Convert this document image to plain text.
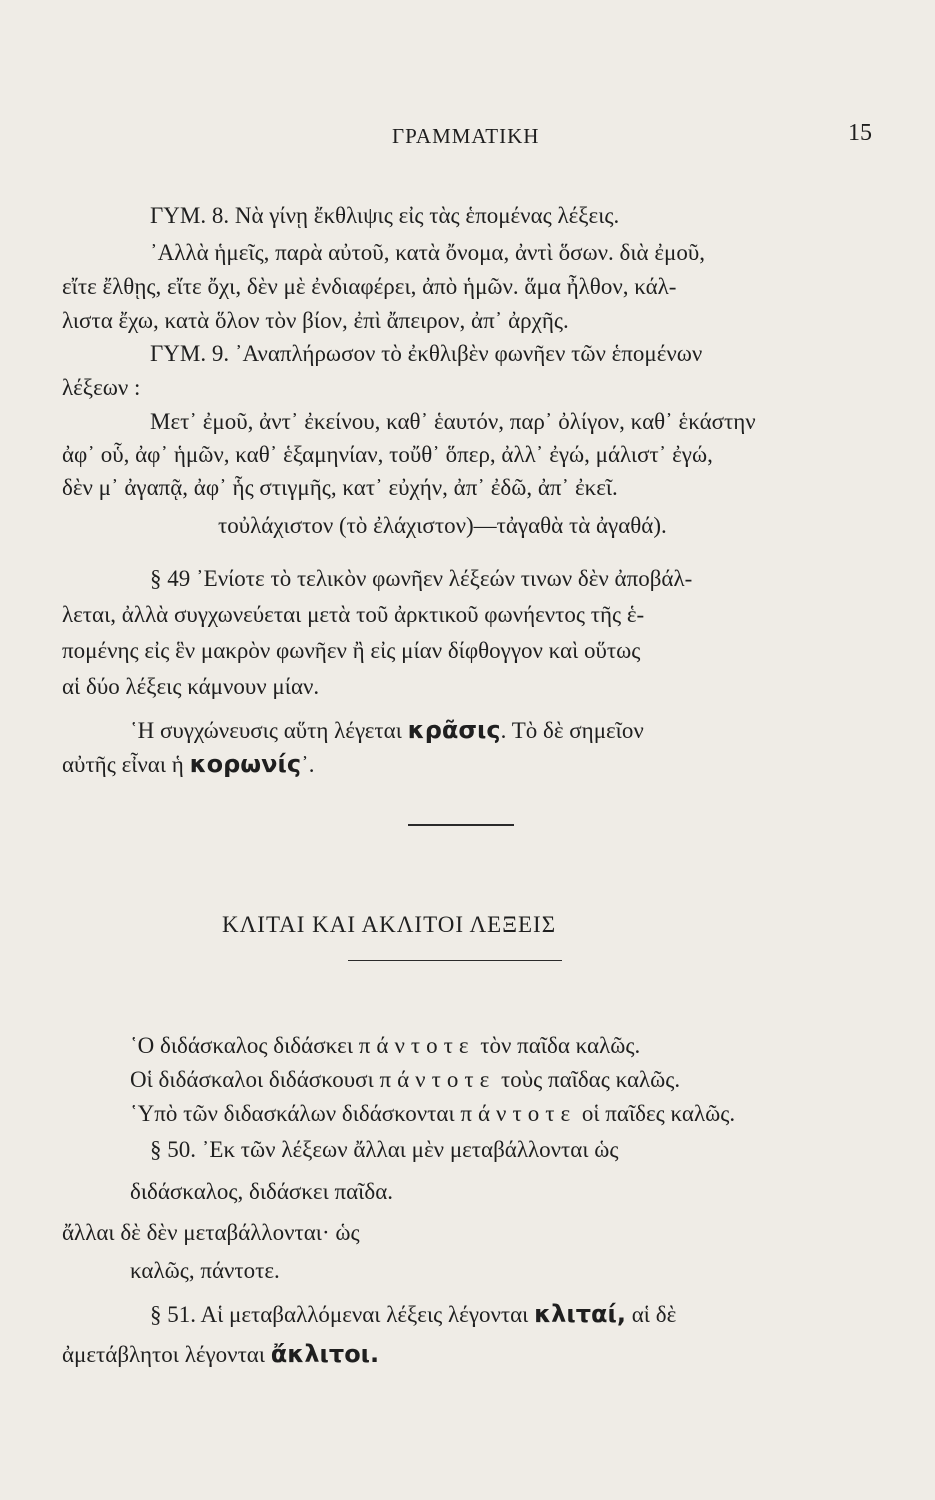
ΓΡΑΜΜΑΤΙΚΗ	15
ΓΥΜ. 8. Νὰ γίνῃ ἔκθλιψις εἰς τὰς ἑπομένας λέξεις.
᾿Αλλὰ ἡμεῖς, παρὰ αὐτοῦ, κατὰ ὄνομα, ἀντὶ ὅσων. διὰ ἐμοῦ,
εἴτε ἔλθῃς, εἴτε ὄχι, δὲν μὲ ἐνδιαφέρει, ἀπὸ ἡμῶν. ἅμα ἦλθον, κάλ-
λιστα ἔχω, κατὰ ὅλον τὸν βίον, ἐπὶ ἄπειρον, ἀπ᾿ ἀρχῆς.
ΓΥΜ. 9. ᾿Αναπλήρωσον τὸ ἐκθλιβὲν φωνῆεν τῶν ἑπομένων
λέξεων :
Μετ᾿ ἐμοῦ, ἀντ᾿ ἐκείνου, καθ᾿ ἑαυτόν, παρ᾿ ὀλίγον, καθ᾿ ἑκάστην
ἀφ᾿ οὗ, ἀφ᾿ ἡμῶν, καθ᾿ ἑξαμηνίαν, τοὔθ᾿ ὅπερ, ἀλλ᾿ ἐγώ, μάλιστ᾿ ἐγώ,
δὲν μ᾿ ἀγαπᾷ, ἀφ᾿ ἧς στιγμῆς, κατ᾿ εὐχήν, ἀπ᾿ ἐδῶ, ἀπ᾿ ἐκεῖ.
τοὐλάχιστον (τὸ ἐλάχιστον)—τἀγαθὰ τὰ ἀγαθά).
§ 49 ᾿Ενίοτε τὸ τελικὸν φωνῆεν λέξεών τινων δὲν ἀποβάλ-
λεται, ἀλλὰ συγχωνεύεται μετὰ τοῦ ἀρκτικοῦ φωνήεντος τῆς ἑ-
πομένης εἰς ἓν μακρὸν φωνῆεν ἢ εἰς μίαν δίφθογγον καὶ οὕτως
αἱ δύο λέξεις κάμνουν μίαν.
῾Η συγχώνευσις αὕτη λέγεται κρᾶσις. Τὸ δὲ σημεῖον
αὐτῆς εἶναι ἡ κορωνίς᾿.
ΚΛΙΤΑΙ ΚΑΙ ΑΚΛΙΤΟΙ ΛΕΞΕΙΣ
῾Ο διδάσκαλος διδάσκει πάντοτε τὸν παῖδα καλῶς.
Οἱ διδάσκαλοι διδάσκουσι πάντοτε τοὺς παῖδας καλῶς.
῾Υπὸ τῶν διδασκάλων διδάσκονται πάντοτε οἱ παῖδες καλῶς.
§ 50. ᾿Εκ τῶν λέξεων ἄλλαι μὲν μεταβάλλονται ὡς
διδάσκαλος, διδάσκει παῖδα.
ἄλλαι δὲ δὲν μεταβάλλονται· ὡς
καλῶς, πάντοτε.
§ 51. Αἱ μεταβαλλόμεναι λέξεις λέγονται κλιταί, αἱ δὲ
ἀμετάβλητοι λέγονται ἄκλιτοι.
